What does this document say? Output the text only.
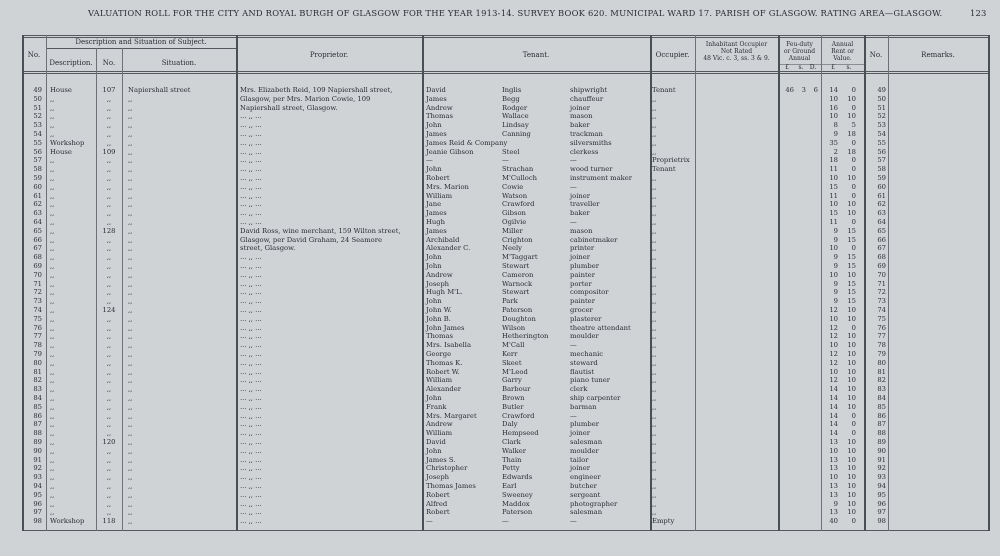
VALUATION ROLL FOR THE CITY AND ROYAL BURGH OF GLASGOW FOR THE YEAR 1913-14. SURVEY BOOK 620. MUNICIPAL WARD 17. PARISH OF GLASGOW. RATING AREA—GLASGOW.	123
No.
Description and Situation of Subject.
Description.	No.	Situation.
Proprietor.	Tenant.	Occupier.
Inhabitant Occupier
Not Rated
48 Vic. c. 3, ss. 3 & 9.
Feu-duty
or Ground
Annual
£	s.	D.
Annual
Rent or
Value.
£	s.
No.	Remarks.
49 House	107	Napiershall street	Mrs. Elizabeth Reid, 109 Napiershall street,	David	Inglis	shipwright	Tenant	46	3	6	14	0	49
50 ,,	,,	,,	Glasgow, per Mrs. Marion Cowie, 109	James	Begg	chauffeur	,,	10	10	50
51 ,,	,,	,,	Napiershall street, Glasgow.	Andrew	Rodger	joiner	,,	16	0	51
52 ,,	,,	,,	... ,, ...	Thomas	Wallace	mason	,,	10	10	52
53 ,,	,,	,,	... ,, ...	John	Lindsay	baker	,,	8	5	53
54 ,,	,,	,,	... ,, ...	James	Canning	trackman	,,	9	18	54
55 Workshop	,,	,,	... ,, ...	James Reid & Company	silversmiths	,,	35	0	55
56 House	109	,,	... ,, ...	Jeanie Gibson	Steel	clerkess	,,	2	18	56
57 ,,	,,	,,	... ,, ...	—	—	—	Proprietrix	18	0	57
58 ,,	,,	,,	... ,, ...	John	Strachan	wood turner	Tenant	11	0	58
59 ,,	,,	,,	... ,, ...	Robert	M'Culloch	instrument maker	,,	10	10	59
60 ,,	,,	,,	... ,, ...	Mrs. Marion	Cowie	—	,,	15	0	60
61 ,,	,,	,,	... ,, ...	William	Watson	joiner	,,	11	0	61
62 ,,	,,	,,	... ,, ...	Jane	Crawford	traveller	,,	10	10	62
63 ,,	,,	,,	... ,, ...	James	Gibson	baker	,,	15	10	63
64 ,,	,,	,,	... ,, ...	Hugh	Ogilvie	—	,,	11	0	64
65 ,,	128	,,	David Ross, wine merchant, 159 Wilton street,	James	Miller	mason	,,	9	15	65
66 ,,	,,	,,	Glasgow, per David Graham, 24 Seamore	Archibald	Crighton	cabinetmaker	,,	9	15	66
67 ,,	,,	,,	street, Glasgow.	Alexander C.	Neely	printer	,,	10	0	67
68 ,,	,,	,,	... ,, ...	John	M'Taggart	joiner	,,	9	15	68
69 ,,	,,	,,	... ,, ...	John	Stewart	plumber	,,	9	15	69
70 ,,	,,	,,	... ,, ...	Andrew	Cameron	painter	,,	10	10	70
71 ,,	,,	,,	... ,, ...	Joseph	Warnock	porter	,,	9	15	71
72 ,,	,,	,,	... ,, ...	Hugh M'L.	Stewart	compositor	,,	9	15	72
73 ,,	,,	,,	... ,, ...	John	Park	painter	,,	9	15	73
74 ,,	124	,,	... ,, ...	John W.	Paterson	grocer	,,	12	10	74
75 ,,	,,	,,	... ,, ...	John B.	Doughton	plasterer	,,	10	10	75
76 ,,	,,	,,	... ,, ...	John James	Wilson	theatre attendant	,,	12	0	76
77 ,,	,,	,,	... ,, ...	Thomas	Hetherington	moulder	,,	12	10	77
78 ,,	,,	,,	... ,, ...	Mrs. Isabella	M'Call	—	,,	10	10	78
79 ,,	,,	,,	... ,, ...	George	Kerr	mechanic	,,	12	10	79
80 ,,	,,	,,	... ,, ...	Thomas K.	Skeet	steward	,,	12	10	80
81 ,,	,,	,,	... ,, ...	Robert W.	M'Leod	flautist	,,	10	10	81
82 ,,	,,	,,	... ,, ...	William	Garry	piano tuner	,,	12	10	82
83 ,,	,,	,,	... ,, ...	Alexander	Barbour	clerk	,,	14	10	83
84 ,,	,,	,,	... ,, ...	John	Brown	ship carpenter	,,	14	10	84
85 ,,	,,	,,	... ,, ...	Frank	Butler	barman	,,	14	10	85
86 ,,	,,	,,	... ,, ...	Mrs. Margaret	Crawford	—	,,	14	0	86
87 ,,	,,	,,	... ,, ...	Andrew	Daly	plumber	,,	14	0	87
88 ,,	,,	,,	... ,, ...	William	Hempseed	joiner	,,	14	0	88
89 ,,	120	,,	... ,, ...	David	Clark	salesman	,,	13	10	89
90 ,,	,,	,,	... ,, ...	John	Walker	moulder	,,	10	10	90
91 ,,	,,	,,	... ,, ...	James S.	Thain	tailor	,,	13	10	91
92 ,,	,,	,,	... ,, ...	Christopher	Petty	joiner	,,	13	10	92
93 ,,	,,	,,	... ,, ...	Joseph	Edwards	engineer	,,	10	10	93
94 ,,	,,	,,	... ,, ...	Thomas James	Earl	butcher	,,	13	10	94
95 ,,	,,	,,	... ,, ...	Robert	Sweeney	sergeant	,,	13	10	95
96 ,,	,,	,,	... ,, ...	Alfred	Maddox	photographer	,,	9	10	96
97 ,,	,,	,,	... ,, ...	Robert	Paterson	salesman	,,	13	10	97
98 Workshop	118	,,	... ,, ...	—	—	—	Empty	40	0	98
